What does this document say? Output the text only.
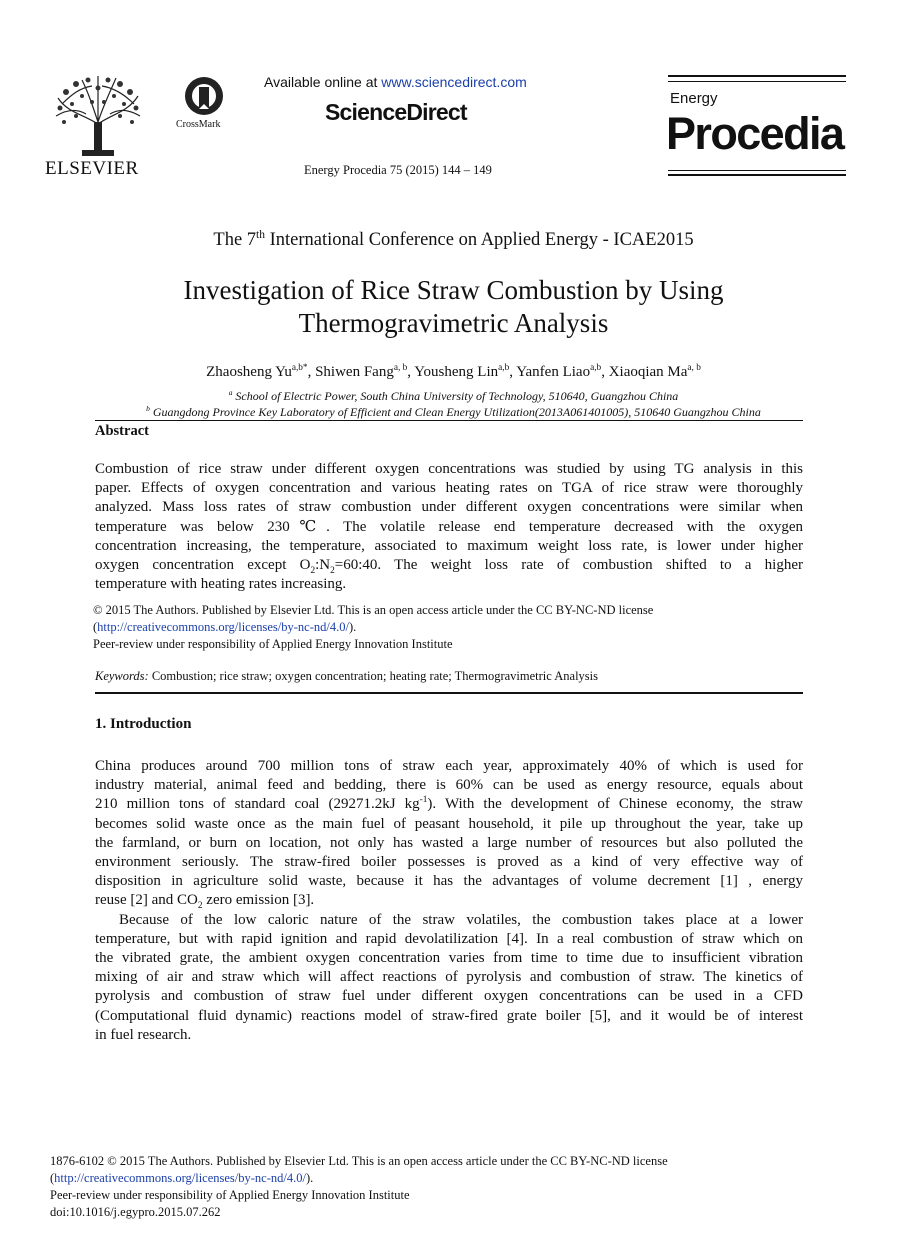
ELSEVIER
CrossMark
Available online at www.sciencedirect.com
ScienceDirect
Energy Procedia 75 (2015) 144 – 149
Energy
Procedia
The 7th International Conference on Applied Energy - ICAE2015
Investigation of Rice Straw Combustion by Using
Thermogravimetric Analysis
Zhaosheng $Yu^{a,b*}$, Shiwen Fang$^{a, b}$, Yousheng Lin$^{a,b}$, Yanfen Liao$^{a,b}$, Xiaoqian Ma$^{a, b}$
$^a$ School of Electric Power, South China University of Technology, 510640, Guangzhou China
$^b$ Guangdong Province Key Laboratory of Efficient and Clean Energy Utilization(2013A061401005), 510640 Guangzhou China
Abstract
Combustion of rice straw under different oxygen concentrations was studied by using TG analysis in this
paper. Effects of oxygen concentration and various heating rates on TGA of rice straw were thoroughly
analyzed. Mass loss rates of straw combustion under different oxygen concentrations were similar when
temperature was below 230℃. The volatile release end temperature decreased with the oxygen
concentration increasing, the temperature, associated to maximum weight loss rate, is lower under higher
oxygen concentration except $O_2:N_2=60:40$. The weight loss rate of combustion shifted to a higher
temperature with heating rates increasing.
© 2015 The Authors. Published by Elsevier Ltd. This is an open access article under the CC BY-NC-ND license
(http://creativecommons.org/licenses/by-nc-nd/4.0/).
Peer-review under responsibility of Applied Energy Innovation Institute
Keywords: Combustion; rice straw; oxygen concentration; heating rate; Thermogravimetric Analysis
1. Introduction
China produces around 700 million tons of straw each year, approximately 40% of which is used for
industry material, animal feed and bedding, there is 60% can be used as energy resource, equals about
210 million tons of standard coal (29271.2kJ $kg^{-1}$). With the development of Chinese economy, the straw
becomes solid waste once as the main fuel of peasant household, it pile up throughout the year, take up
the farmland, or burn on location, not only has wasted a large number of resources but also polluted the
environment seriously. The straw-fired boiler possesses is proved as a kind of very effective way of
disposition in agriculture solid waste, because it has the advantages of volume decrement [1] , energy
reuse [2] and $CO_2$ zero emission [3].
Because of the low caloric nature of the straw volatiles, the combustion takes place at a lower
temperature, but with rapid ignition and rapid devolatilization [4]. In a real combustion of straw which on
the vibrated grate, the ambient oxygen concentration varies from time to time due to insufficient vibration
mixing of air and straw which will affect reactions of pyrolysis and combustion of straw. The kinetics of
pyrolysis and combustion of straw fuel under different oxygen concentrations can be used in a CFD
(Computational fluid dynamic) reactions model of straw-fired grate boiler [5], and it would be of interest
in fuel research.
1876-6102 © 2015 The Authors. Published by Elsevier Ltd. This is an open access article under the CC BY-NC-ND license
(http://creativecommons.org/licenses/by-nc-nd/4.0/).
Peer-review under responsibility of Applied Energy Innovation Institute
doi:10.1016/j.egypro.2015.07.262
